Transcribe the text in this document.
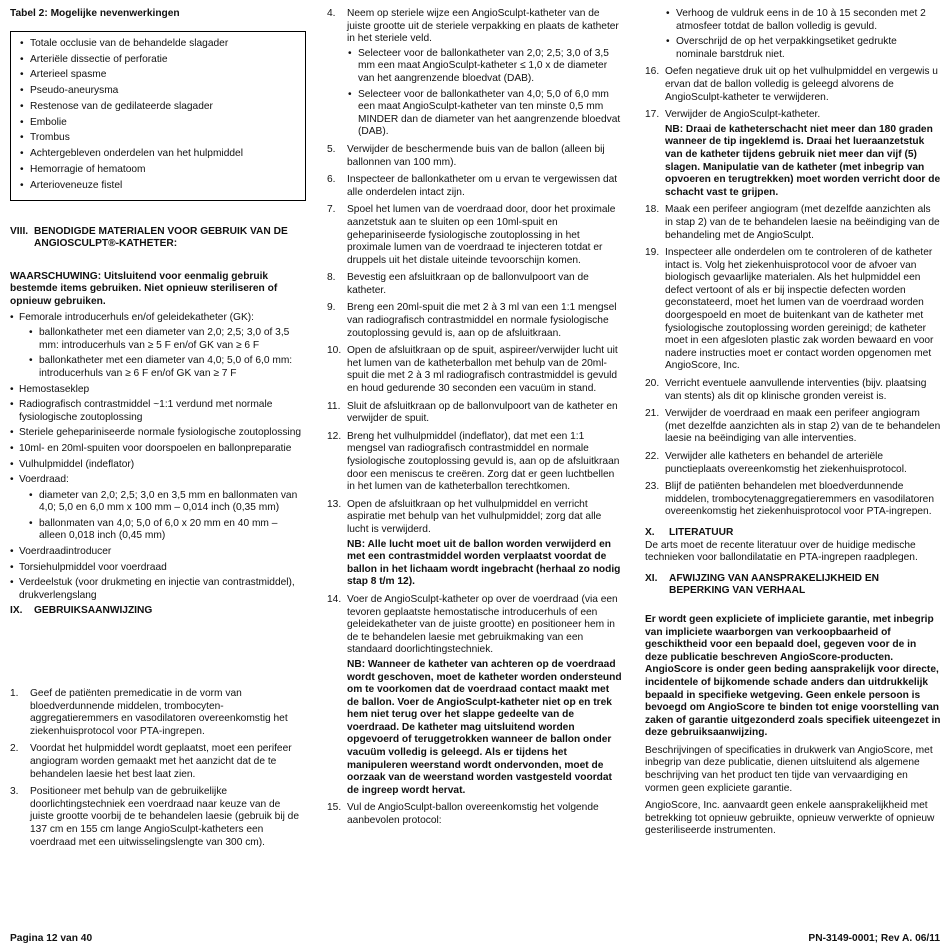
Tabel 2: Mogelijke nevenwerkingen
• Totale occlusie van de behandelde slagader
• Arteriële dissectie of perforatie
• Arterieel spasme
• Pseudo-aneurysma
• Restenose van de gedilateerde slagader
• Embolie
• Trombus
• Achtergebleven onderdelen van het hulpmiddel
• Hemorragie of hematoom
• Arterioveneuze fistel
VIII. BENODIGDE MATERIALEN VOOR GEBRUIK VAN DE ANGIOSCULPT®-KATHETER:
WAARSCHUWING: Uitsluitend voor eenmalig gebruik bestemde items gebruiken. Niet opnieuw steriliseren of opnieuw gebruiken.
• Femorale introducerhuls en/of geleidekatheter (GK):
• ballonkatheter met een diameter van 2,0; 2,5; 3,0 of 3,5 mm: introducerhuls van ≥ 5 F en/of GK van ≥ 6 F
• ballonkatheter met een diameter van 4,0; 5,0 of 6,0 mm: introducerhuls van ≥ 6 F en/of GK van ≥ 7 F
• Hemostaseklep
• Radiografisch contrastmiddel ~1:1 verdund met normale fysiologische zoutoplossing
• Steriele gehepariniseerde normale fysiologische zoutoplossing
• 10ml- en 20ml-spuiten voor doorspoelen en ballonpreparatie
• Vulhulpmiddel (indeflator)
• Voerdraad:
• diameter van 2,0; 2,5; 3,0 en 3,5 mm en ballonmaten van 4,0; 5,0 en 6,0 mm x 100 mm – 0,014 inch (0,35 mm)
• ballonmaten van 4,0; 5,0 of 6,0 x 20 mm en 40 mm – alleen 0,018 inch (0,45 mm)
• Voerdraadintroducer
• Torsiehulpmiddel voor voerdraad
• Verdeelstuk (voor drukmeting en injectie van contrastmiddel), drukverlengslang
IX. GEBRUIKSAANWIJZING
1. Geef de patiënten premedicatie in de vorm van bloedverdunnende middelen, trombocyten-aggregatieremmers en vasodilatoren overeenkomstig het ziekenhuisprotocol voor PTA-ingrepen.
2. Voordat het hulpmiddel wordt geplaatst, moet een perifeer angiogram worden gemaakt met het aanzicht dat de te behandelen laesie het best laat zien.
3. Positioneer met behulp van de gebruikelijke doorlichtingstechniek een voerdraad naar keuze van de juiste grootte voorbij de te behandelen laesie (gebruik bij de 137 cm en 155 cm lange AngioSculpt-katheters een voerdraad met een uitwisselingslengte van 300 cm).
4. Neem op steriele wijze een AngioSculpt-katheter van de juiste grootte uit de steriele verpakking en plaats de katheter in het steriele veld.
• Selecteer voor de ballonkatheter van 2,0; 2,5; 3,0 of 3,5 mm een maat AngioSculpt-katheter ≤ 1,0 x de diameter van het aangrenzende bloedvat (DAB).
• Selecteer voor de ballonkatheter van 4,0; 5,0 of 6,0 mm een maat AngioSculpt-katheter van ten minste 0,5 mm MINDER dan de diameter van het aangrenzende bloedvat (DAB).
5. Verwijder de beschermende buis van de ballon (alleen bij ballonnen van 100 mm).
6. Inspecteer de ballonkatheter om u ervan te vergewissen dat alle onderdelen intact zijn.
7. Spoel het lumen van de voerdraad door, door het proximale aanzetstuk aan te sluiten op een 10ml-spuit en gehepariniseerde fysiologische zoutoplossing in het proximale lumen van de voerdraad te injecteren totdat er druppels uit het distale uiteinde tevoorschijn komen.
8. Bevestig een afsluitkraan op de ballonvulpoort van de katheter.
9. Breng een 20ml-spuit die met 2 à 3 ml van een 1:1 mengsel van radiografisch contrastmiddel en normale fysiologische zoutoplossing gevuld is, aan op de afsluitkraan.
10. Open de afsluitkraan op de spuit, aspireer/verwijder lucht uit het lumen van de katheterballon met behulp van de 20ml-spuit die met 2 à 3 ml radiografisch contrastmiddel is gevuld en houd gedurende 30 seconden een vacuüm in stand.
11. Sluit de afsluitkraan op de ballonvulpoort van de katheter en verwijder de spuit.
12. Breng het vulhulpmiddel (indeflator), dat met een 1:1 mengsel van radiografisch contrastmiddel en normale fysiologische zoutoplossing gevuld is, aan op de afsluitkraan door een meniscus te creëren. Zorg dat er geen luchtbellen in het lumen van de katheterballon terechtkomen.
13. Open de afsluitkraan op het vulhulpmiddel en verricht aspiratie met behulp van het vulhulpmiddel; zorg dat alle lucht is verwijderd.
NB: Alle lucht moet uit de ballon worden verwijderd en met een contrastmiddel worden verplaatst voordat de ballon in het lichaam wordt ingebracht (herhaal zo nodig stap 8 t/m 12).
14. Voer de AngioSculpt-katheter op over de voerdraad (via een tevoren geplaatste hemostatische introducerhuls of een geleidekatheter van de juiste grootte) en positioneer hem in de te behandelen laesie met gebruikmaking van een standaard doorlichtingstechniek.
NB: Wanneer de katheter van achteren op de voerdraad wordt geschoven, moet de katheter worden ondersteund om te voorkomen dat de voerdraad contact maakt met de ballon. Voer de AngioSculpt-katheter niet op en trek hem niet terug over het slappe gedeelte van de voerdraad. De katheter mag uitsluitend worden opgevoerd of teruggetrokken wanneer de ballon onder vacuüm volledig is geleegd. Als er tijdens het manipuleren weerstand wordt ondervonden, moet de oorzaak van de weerstand worden vastgesteld voordat de ingreep wordt hervat.
15. Vul de AngioSculpt-ballon overeenkomstig het volgende aanbevolen protocol:
• Verhoog de vuldruk eens in de 10 à 15 seconden met 2 atmosfeer totdat de ballon volledig is gevuld.
• Overschrijd de op het verpakkingsetiket gedrukte nominale barstdruk niet.
16. Oefen negatieve druk uit op het vulhulpmiddel en vergewis u ervan dat de ballon volledig is geleegd alvorens de AngioSculpt-katheter te verwijderen.
17. Verwijder de AngioSculpt-katheter.
NB: Draai de katheterschacht niet meer dan 180 graden wanneer de tip ingeklemd is. Draai het lueraanzetstuk van de katheter tijdens gebruik niet meer dan vijf (5) slagen. Manipulatie van de katheter (met inbegrip van opvoeren en terugtrekken) moet worden verricht door de schacht vast te grijpen.
18. Maak een perifeer angiogram (met dezelfde aanzichten als in stap 2) van de te behandelen laesie na beëindiging van de behandeling met de AngioSculpt.
19. Inspecteer alle onderdelen om te controleren of de katheter intact is. Volg het ziekenhuisprotocol voor de afvoer van biologisch gevaarlijke materialen. Als het hulpmiddel een defect vertoont of als er bij inspectie defecten worden geconstateerd, moet het lumen van de voerdraad worden doorgespoeld en moet de buitenkant van de katheter met fysiologische zoutoplossing worden gereinigd; de katheter moet in een afgesloten plastic zak worden bewaard en voor nadere instructies moet er contact worden opgenomen met AngioScore, Inc.
20. Verricht eventuele aanvullende interventies (bijv. plaatsing van stents) als dit op klinische gronden vereist is.
21. Verwijder de voerdraad en maak een perifeer angiogram (met dezelfde aanzichten als in stap 2) van de te behandelen laesie na beëindiging van alle interventies.
22. Verwijder alle katheters en behandel de arteriële punctieplaats overeenkomstig het ziekenhuisprotocol.
23. Blijf de patiënten behandelen met bloedverdunnende middelen, trombocytenaggregatieremmers en vasodilatoren overeenkomstig het ziekenhuisprotocol voor PTA-ingrepen.
X. LITERATUUR
De arts moet de recente literatuur over de huidige medische technieken voor ballondilatatie en PTA-ingrepen raadplegen.
XI. AFWIJZING VAN AANSPRAKELIJKHEID EN BEPERKING VAN VERHAAL
Er wordt geen expliciete of impliciete garantie, met inbegrip van impliciete waarborgen van verkoopbaarheid of geschiktheid voor een bepaald doel, gegeven voor de in deze publicatie beschreven AngioScore-producten. AngioScore is onder geen beding aansprakelijk voor directe, incidentele of bijkomende schade anders dan uitdrukkelijk bepaald in specifieke wetgeving. Geen enkele persoon is bevoegd om AngioScore te binden tot enige voorstelling van zaken of garantie uitgezonderd zoals specifiek uiteengezet in deze gebruiksaanwijzing.
Beschrijvingen of specificaties in drukwerk van AngioScore, met inbegrip van deze publicatie, dienen uitsluitend als algemene beschrijving van het product ten tijde van vervaardiging en vormen geen expliciete garantie.
AngioScore, Inc. aanvaardt geen enkele aansprakelijkheid met betrekking tot opnieuw gebruikte, opnieuw verwerkte of opnieuw gesteriliseerde instrumenten.
Pagina 12 van 40	PN-3149-0001; Rev A. 06/11
